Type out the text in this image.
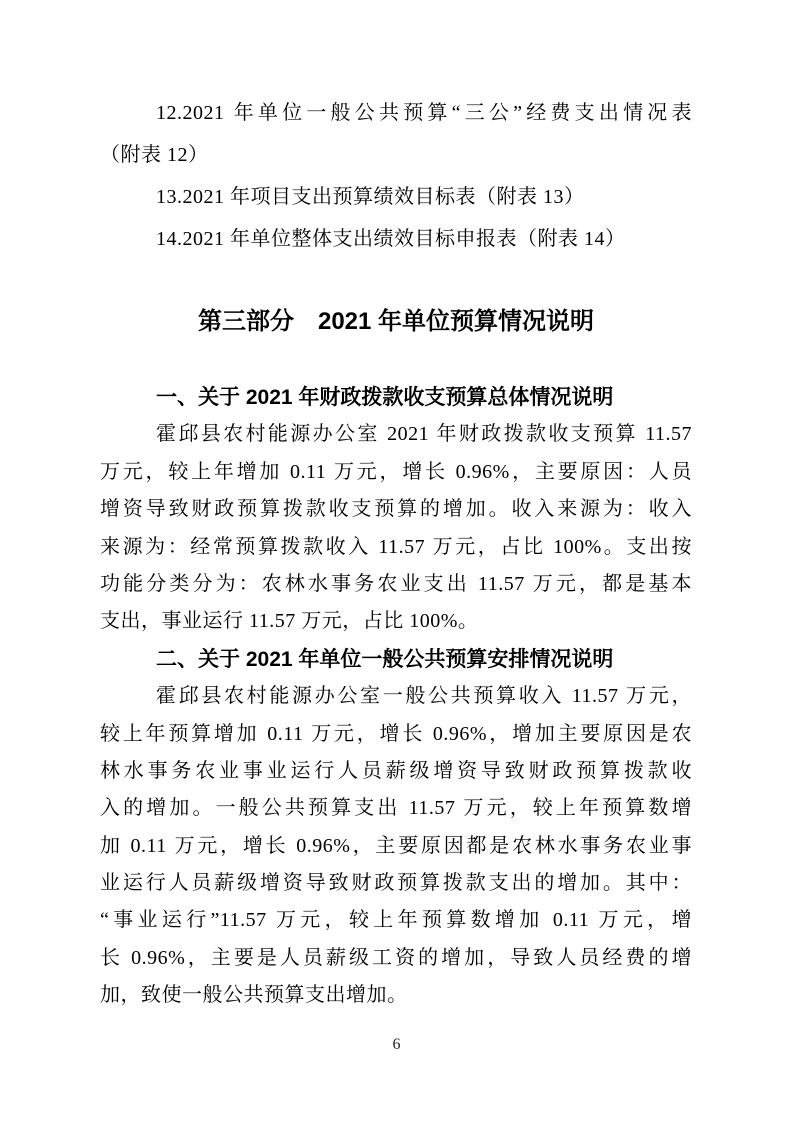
12.2021 年单位一般公共预算“三公”经费支出情况表
（附表 12）
13.2021 年项目支出预算绩效目标表（附表 13）
14.2021 年单位整体支出绩效目标申报表（附表 14）
第三部分　2021 年单位预算情况说明
一、关于 2021 年财政拨款收支预算总体情况说明
霍邱县农村能源办公室 2021 年财政拨款收支预算 11.57
万元，较上年增加 0.11 万元，增长 0.96%，主要原因：人员
增资导致财政预算拨款收支预算的增加。收入来源为：收入
来源为：经常预算拨款收入 11.57 万元，占比 100%。支出按
功能分类分为：农林水事务农业支出 11.57 万元，都是基本
支出，事业运行 11.57 万元，占比 100%。
二、关于 2021 年单位一般公共预算安排情况说明
霍邱县农村能源办公室一般公共预算收入 11.57 万元，
较上年预算增加 0.11 万元，增长 0.96%，增加主要原因是农
林水事务农业事业运行人员薪级增资导致财政预算拨款收
入的增加。一般公共预算支出 11.57 万元，较上年预算数增
加 0.11 万元，增长 0.96%，主要原因都是农林水事务农业事
业运行人员薪级增资导致财政预算拨款支出的增加。其中：
“事业运行”11.57 万元，较上年预算数增加 0.11 万元，增
长 0.96%，主要是人员薪级工资的增加，导致人员经费的增
加，致使一般公共预算支出增加。
6
